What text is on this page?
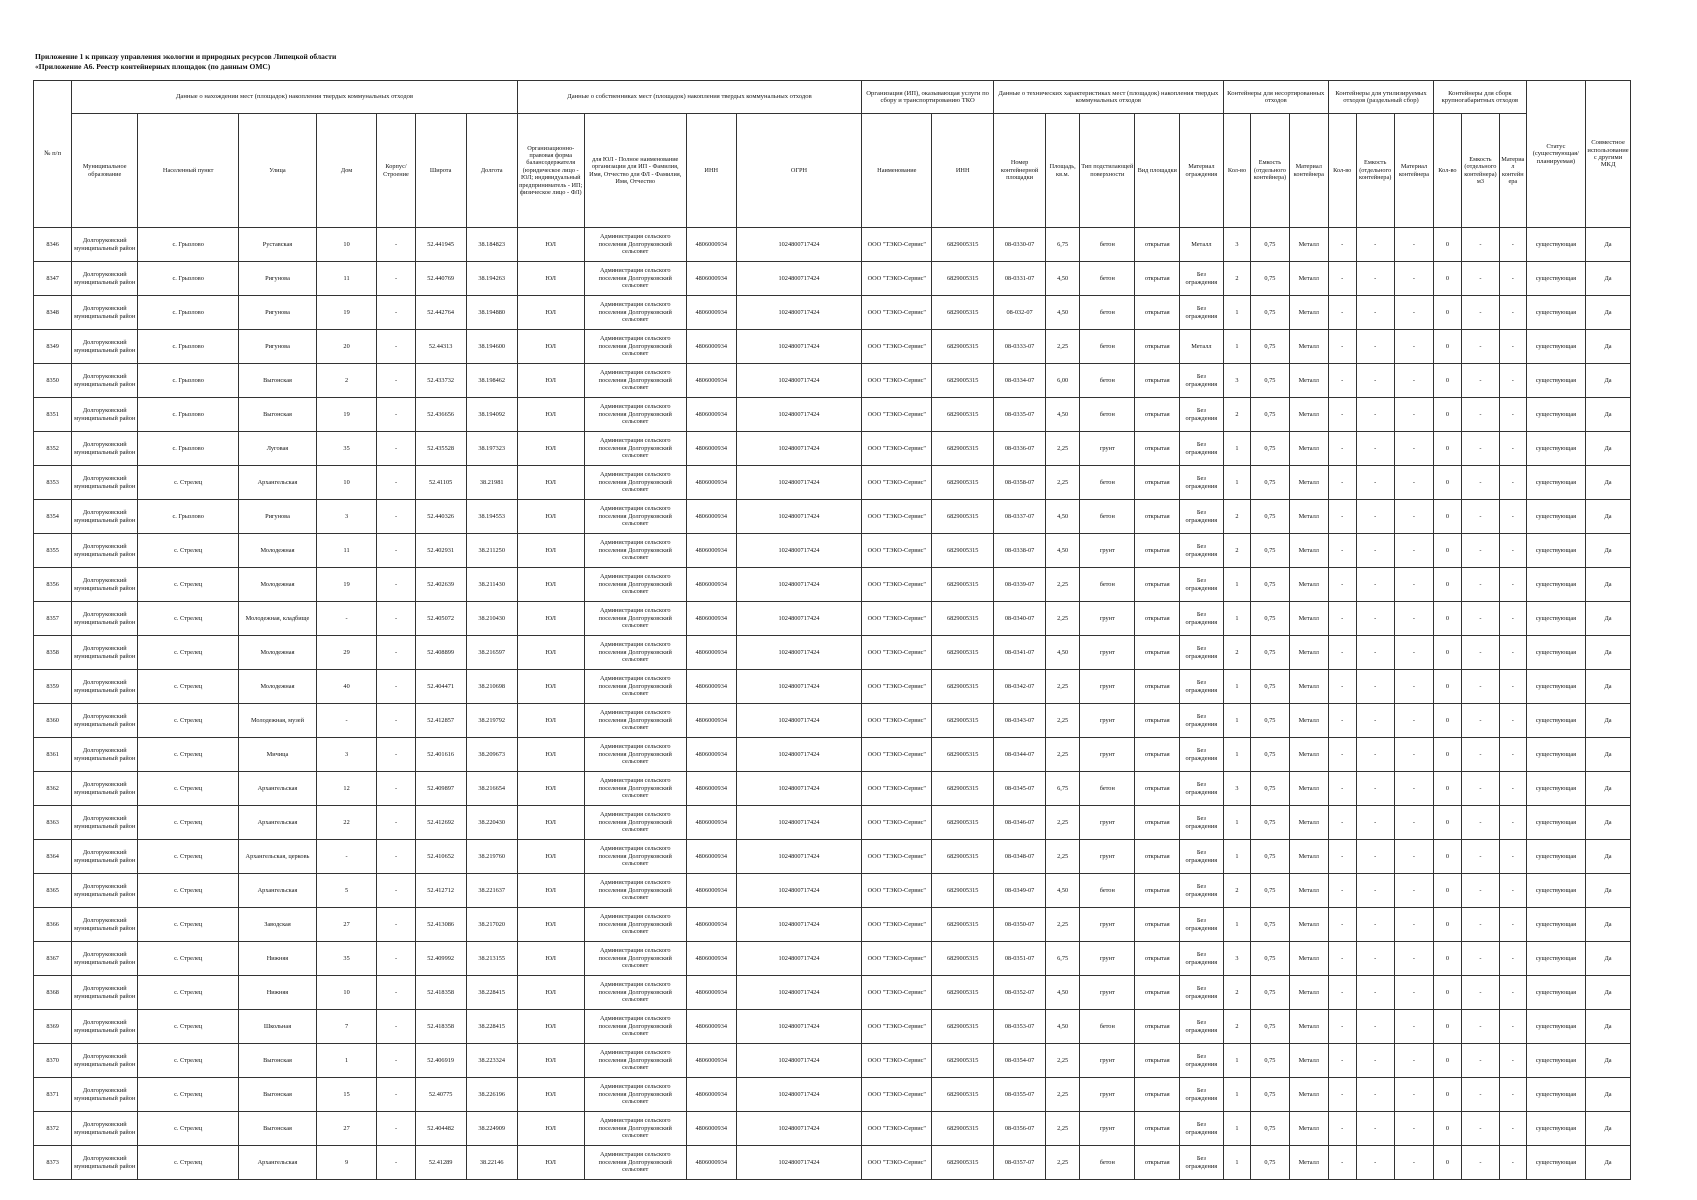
Приложение 1 к приказу управления экологии и природных ресурсов Липецкой области
«Приложение А6. Реестр контейнерных площадок (по данным ОМС)
№ п/п	Данные о нахождении мест (площадок) накопления твердых коммунальных отходов							Данные о собственниках мест (площадок) накопления твердых коммунальных отходов				Организация (ИП), оказывающая услуги по сбору и транспортированию ТКО		Данные о технических характеристиках мест (площадок) накопления твердых коммунальных отходов					Контейнеры для несортированных отходов			Контейнеры для утилизируемых отходов (раздельный сбор)			Контейнеры для сборк крупногабаритных отходов			Статус (существующая/ планируемая)	Совместное использование с другими МКД
	Муниципальное образование	Населенный пункт	Улица	Дом	Корпус/Строение	Широта	Долгота	Организационно-правовая форма балансодержателя (юридическое лицо - ЮЛ; индивидуальный предприниматель - ИП; физическое лицо - ФЛ)	для ЮЛ - Полное наименование организации для ИП - Фамилия, Имя, Отчество для ФЛ - Фамилия, Имя, Отчество	ИНН	ОГРН	Наименование	ИНН	Номер контейнерной площадки	Площадь, кв.м.	Тип подстилающей поверхности	Вид площадки	Материал ограждения	Кол-во	Емкость (отдельного контейнера)	Материал контейнера	Кол-во	Емкость (отдельного контейнера)	Материал контейнера	Кол-во	Емкость (отдельного контейнера) м3	Материал контейнера		
8346	Долгоруковский муниципальный район	с. Грызлово	Руставская	10	-	52.441945	38.184823	ЮЛ	Администрация сельского поселения Долгоруковский сельсовет	4806000934	1024800717424	ООО "ТЭКО-Сервис"	6829005315	08-0330-07	6,75	бетон	открытая	Металл	3	0,75	Металл	-	-	-	0	-	-	существующая	Да
8347	Долгоруковский муниципальный район	с. Грызлово	Ригунова	11	-	52.440769	38.194263	ЮЛ	Администрация сельского поселения Долгоруковский сельсовет	4806000934	1024800717424	ООО "ТЭКО-Сервис"	6829005315	08-0331-07	4,50	бетон	открытая	Без ограждения	2	0,75	Металл	-	-	-	0	-	-	существующая	Да
8348	Долгоруковский муниципальный район	с. Грызлово	Ригунова	19	-	52.442764	38.194880	ЮЛ	Администрация сельского поселения Долгоруковский сельсовет	4806000934	1024800717424	ООО "ТЭКО-Сервис"	6829005315	08-032-07	4,50	бетон	открытая	Без ограждения	1	0,75	Металл	-	-	-	0	-	-	существующая	Да
8349	Долгоруковский муниципальный район	с. Грызлово	Ригунова	20	-	52.44313	38.194600	ЮЛ	Администрация сельского поселения Долгоруковский сельсовет	4806000934	1024800717424	ООО "ТЭКО-Сервис"	6829005315	08-0333-07	2,25	бетон	открытая	Металл	1	0,75	Металл	-	-	-	0	-	-	существующая	Да
8350	Долгоруковский муниципальный район	с. Грызлово	Выгонская	2	-	52.433732	38.198462	ЮЛ	Администрация сельского поселения Долгоруковский сельсовет	4806000934	1024800717424	ООО "ТЭКО-Сервис"	6829005315	08-0334-07	6,00	бетон	открытая	Без ограждения	3	0,75	Металл	-	-	-	0	-	-	существующая	Да
8351	Долгоруковский муниципальный район	с. Грызлово	Выгонская	19	-	52.436656	38.194092	ЮЛ	Администрация сельского поселения Долгоруковский сельсовет	4806000934	1024800717424	ООО "ТЭКО-Сервис"	6829005315	08-0335-07	4,50	бетон	открытая	Без ограждения	2	0,75	Металл	-	-	-	0	-	-	существующая	Да
8352	Долгоруковский муниципальный район	с. Грызлово	Луговая	35	-	52.435528	38.197323	ЮЛ	Администрация сельского поселения Долгоруковский сельсовет	4806000934	1024800717424	ООО "ТЭКО-Сервис"	6829005315	08-0336-07	2,25	грунт	открытая	Без ограждения	1	0,75	Металл	-	-	-	0	-	-	существующая	Да
8353	Долгоруковский муниципальный район	с. Стрелец	Архангельская	10	-	52.41105	38.21981	ЮЛ	Администрация сельского поселения Долгоруковский сельсовет	4806000934	1024800717424	ООО "ТЭКО-Сервис"	6829005315	08-0358-07	2,25	бетон	открытая	Без ограждения	1	0,75	Металл	-	-	-	0	-	-	существующая	Да
8354	Долгоруковский муниципальный район	с. Грызлово	Ригунова	3	-	52.440326	38.194553	ЮЛ	Администрация сельского поселения Долгоруковский сельсовет	4806000934	1024800717424	ООО "ТЭКО-Сервис"	6829005315	08-0337-07	4,50	бетон	открытая	Без ограждения	2	0,75	Металл	-	-	-	0	-	-	существующая	Да
8355	Долгоруковский муниципальный район	с. Стрелец	Молодежная	11	-	52.402931	38.211250	ЮЛ	Администрация сельского поселения Долгоруковский сельсовет	4806000934	1024800717424	ООО "ТЭКО-Сервис"	6829005315	08-0338-07	4,50	грунт	открытая	Без ограждения	2	0,75	Металл	-	-	-	0	-	-	существующая	Да
8356	Долгоруковский муниципальный район	с. Стрелец	Молодежная	19	-	52.402639	38.211430	ЮЛ	Администрация сельского поселения Долгоруковский сельсовет	4806000934	1024800717424	ООО "ТЭКО-Сервис"	6829005315	08-0339-07	2,25	бетон	открытая	Без ограждения	1	0,75	Металл	-	-	-	0	-	-	существующая	Да
8357	Долгоруковский муниципальный район	с. Стрелец	Молодежная, кладбище	-	-	52.405072	38.210430	ЮЛ	Администрация сельского поселения Долгоруковский сельсовет	4806000934	1024800717424	ООО "ТЭКО-Сервис"	6829005315	08-0340-07	2,25	грунт	открытая	Без ограждения	1	0,75	Металл	-	-	-	0	-	-	существующая	Да
8358	Долгоруковский муниципальный район	с. Стрелец	Молодежная	29	-	52.408899	38.216597	ЮЛ	Администрация сельского поселения Долгоруковский сельсовет	4806000934	1024800717424	ООО "ТЭКО-Сервис"	6829005315	08-0341-07	4,50	грунт	открытая	Без ограждения	2	0,75	Металл	-	-	-	0	-	-	существующая	Да
8359	Долгоруковский муниципальный район	с. Стрелец	Молодежная	40	-	52.404471	38.210698	ЮЛ	Администрация сельского поселения Долгоруковский сельсовет	4806000934	1024800717424	ООО "ТЭКО-Сервис"	6829005315	08-0342-07	2,25	грунт	открытая	Без ограждения	1	0,75	Металл	-	-	-	0	-	-	существующая	Да
8360	Долгоруковский муниципальный район	с. Стрелец	Молодежная, музей	-	-	52.412857	38.219792	ЮЛ	Администрация сельского поселения Долгоруковский сельсовет	4806000934	1024800717424	ООО "ТЭКО-Сервис"	6829005315	08-0343-07	2,25	грунт	открытая	Без ограждения	1	0,75	Металл	-	-	-	0	-	-	существующая	Да
8361	Долгоруковский муниципальный район	с. Стрелец	Мичица	3	-	52.401616	38.209673	ЮЛ	Администрация сельского поселения Долгоруковский сельсовет	4806000934	1024800717424	ООО "ТЭКО-Сервис"	6829005315	08-0344-07	2,25	грунт	открытая	Без ограждения	1	0,75	Металл	-	-	-	0	-	-	существующая	Да
8362	Долгоруковский муниципальный район	с. Стрелец	Архангельская	12	-	52.409897	38.216654	ЮЛ	Администрация сельского поселения Долгоруковский сельсовет	4806000934	1024800717424	ООО "ТЭКО-Сервис"	6829005315	08-0345-07	6,75	бетон	открытая	Без ограждения	3	0,75	Металл	-	-	-	0	-	-	существующая	Да
8363	Долгоруковский муниципальный район	с. Стрелец	Архангельская	22	-	52.412692	38.220430	ЮЛ	Администрация сельского поселения Долгоруковский сельсовет	4806000934	1024800717424	ООО "ТЭКО-Сервис"	6829005315	08-0346-07	2,25	грунт	открытая	Без ограждения	1	0,75	Металл	-	-	-	0	-	-	существующая	Да
8364	Долгоруковский муниципальный район	с. Стрелец	Архангельская, церковь	-	-	52.410652	38.219760	ЮЛ	Администрация сельского поселения Долгоруковский сельсовет	4806000934	1024800717424	ООО "ТЭКО-Сервис"	6829005315	08-0348-07	2,25	грунт	открытая	Без ограждения	1	0,75	Металл	-	-	-	0	-	-	существующая	Да
8365	Долгоруковский муниципальный район	с. Стрелец	Архангельская	5	-	52.412712	38.221637	ЮЛ	Администрация сельского поселения Долгоруковский сельсовет	4806000934	1024800717424	ООО "ТЭКО-Сервис"	6829005315	08-0349-07	4,50	бетон	открытая	Без ограждения	2	0,75	Металл	-	-	-	0	-	-	существующая	Да
8366	Долгоруковский муниципальный район	с. Стрелец	Заводская	27	-	52.413086	38.217020	ЮЛ	Администрация сельского поселения Долгоруковский сельсовет	4806000934	1024800717424	ООО "ТЭКО-Сервис"	6829005315	08-0350-07	2,25	грунт	открытая	Без ограждения	1	0,75	Металл	-	-	-	0	-	-	существующая	Да
8367	Долгоруковский муниципальный район	с. Стрелец	Нижняя	35	-	52.409992	38.213155	ЮЛ	Администрация сельского поселения Долгоруковский сельсовет	4806000934	1024800717424	ООО "ТЭКО-Сервис"	6829005315	08-0351-07	6,75	грунт	открытая	Без ограждения	3	0,75	Металл	-	-	-	0	-	-	существующая	Да
8368	Долгоруковский муниципальный район	с. Стрелец	Нижняя	10	-	52.418358	38.228415	ЮЛ	Администрация сельского поселения Долгоруковский сельсовет	4806000934	1024800717424	ООО "ТЭКО-Сервис"	6829005315	08-0352-07	4,50	грунт	открытая	Без ограждения	2	0,75	Металл	-	-	-	0	-	-	существующая	Да
8369	Долгоруковский муниципальный район	с. Стрелец	Школьная	7	-	52.418358	38.228415	ЮЛ	Администрация сельского поселения Долгоруковский сельсовет	4806000934	1024800717424	ООО "ТЭКО-Сервис"	6829005315	08-0353-07	4,50	бетон	открытая	Без ограждения	2	0,75	Металл	-	-	-	0	-	-	существующая	Да
8370	Долгоруковский муниципальный район	с. Стрелец	Выгонская	1	-	52.406919	38.223324	ЮЛ	Администрация сельского поселения Долгоруковский сельсовет	4806000934	1024800717424	ООО "ТЭКО-Сервис"	6829005315	08-0354-07	2,25	грунт	открытая	Без ограждения	1	0,75	Металл	-	-	-	0	-	-	существующая	Да
8371	Долгоруковский муниципальный район	с. Стрелец	Выгонская	15	-	52.40775	38.226196	ЮЛ	Администрация сельского поселения Долгоруковский сельсовет	4806000934	1024800717424	ООО "ТЭКО-Сервис"	6829005315	08-0355-07	2,25	грунт	открытая	Без ограждения	1	0,75	Металл	-	-	-	0	-	-	существующая	Да
8372	Долгоруковский муниципальный район	с. Стрелец	Выгонская	27	-	52.404482	38.224909	ЮЛ	Администрация сельского поселения Долгоруковский сельсовет	4806000934	1024800717424	ООО "ТЭКО-Сервис"	6829005315	08-0356-07	2,25	грунт	открытая	Без ограждения	1	0,75	Металл	-	-	-	0	-	-	существующая	Да
8373	Долгоруковский муниципальный район	с. Стрелец	Архангельская	9	-	52.41289	38.22146	ЮЛ	Администрация сельского поселения Долгоруковский сельсовет	4806000934	1024800717424	ООО "ТЭКО-Сервис"	6829005315	08-0357-07	2,25	бетон	открытая	Без ограждения	1	0,75	Металл	-	-	-	0	-	-	существующая	Да
